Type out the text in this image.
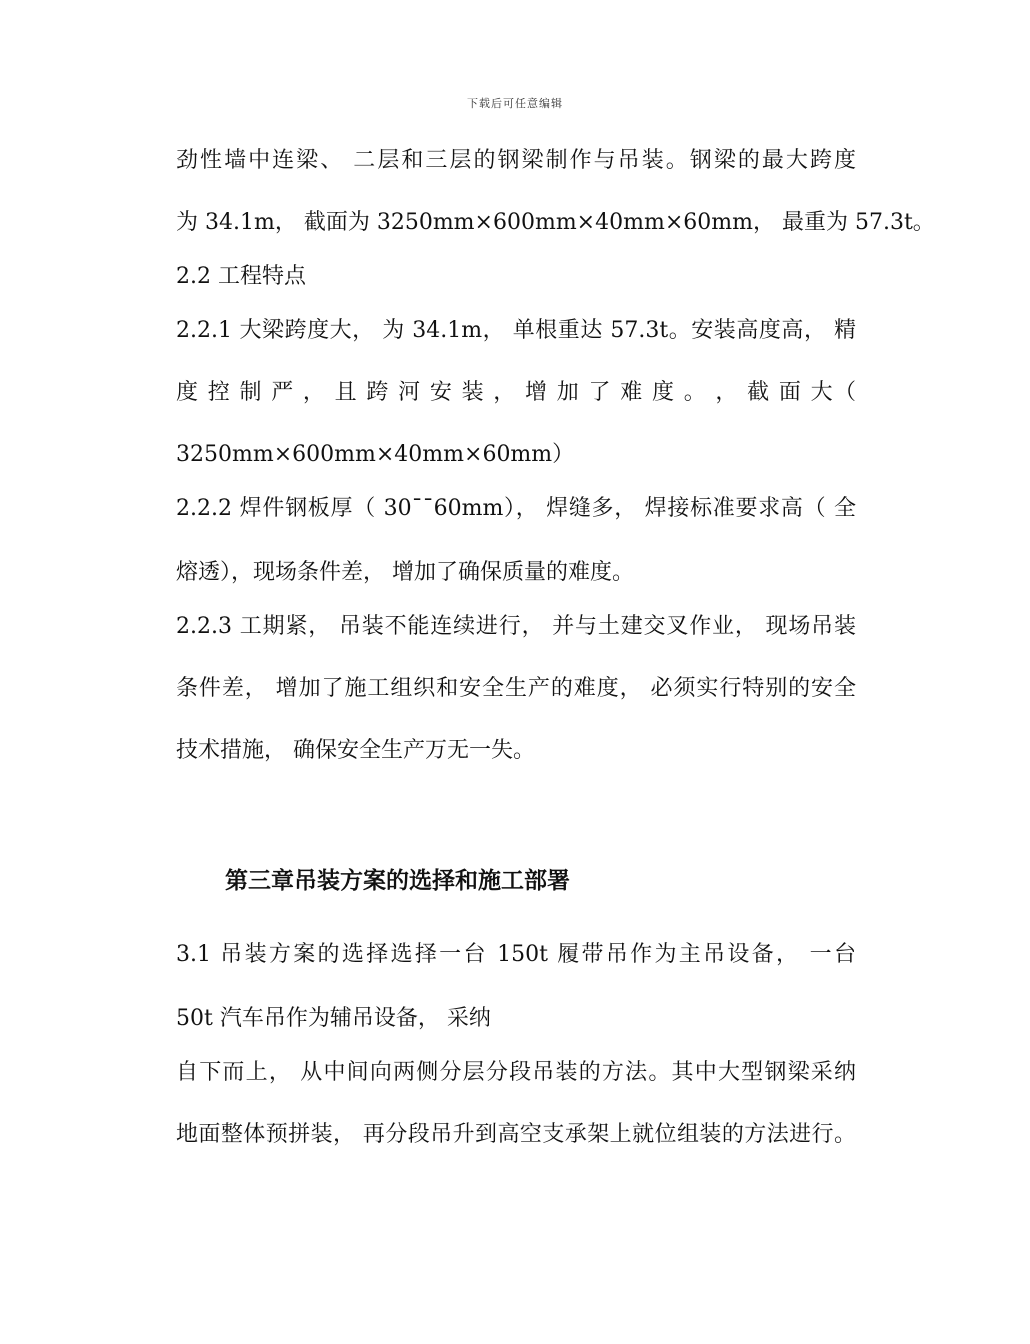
下载后可任意编辑
劲性墙中连梁、 二层和三层的钢梁制作与吊装。钢梁的最大跨度
为 34.1m， 截面为 3250mm×600mm×40mm×60mm， 最重为 57.3t。
2.2 工程特点
2.2.1 大梁跨度大， 为 34.1m， 单根重达 57.3t。安装高度高， 精
度 控 制 严 ， 且 跨 河 安 装 ， 增 加 了 难 度 。 ， 截 面 大（
3250mm×600mm×40mm×60mm）
2.2.2 焊件钢板厚（ 30¯¯60mm）， 焊缝多， 焊接标准要求高（ 全
熔透），现场条件差， 增加了确保质量的难度。
2.2.3 工期紧， 吊装不能连续进行， 并与土建交叉作业， 现场吊装
条件差， 增加了施工组织和安全生产的难度， 必须实行特别的安全
技术措施， 确保安全生产万无一失。
第三章吊装方案的选择和施工部署
3.1 吊装方案的选择选择一台 150t 履带吊作为主吊设备， 一台
50t 汽车吊作为辅吊设备， 采纳
自下而上， 从中间向两侧分层分段吊装的方法。其中大型钢梁采纳
地面整体预拼装， 再分段吊升到高空支承架上就位组装的方法进行。
